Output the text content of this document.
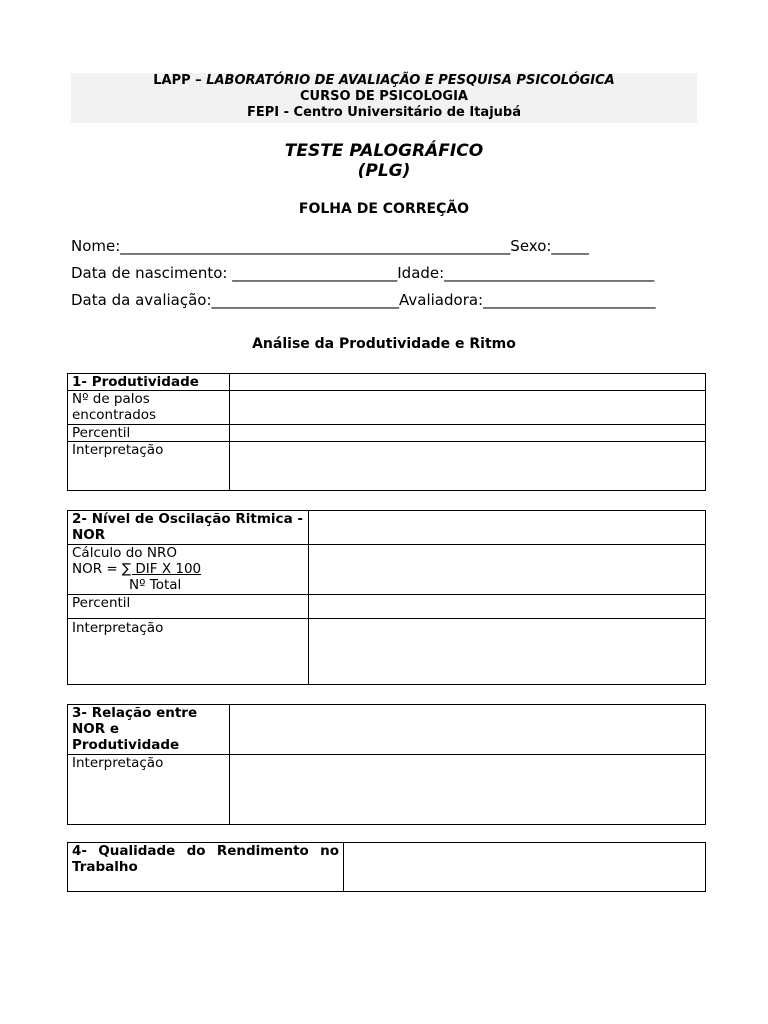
LAPP – LABORATÓRIO DE AVALIAÇÃO E PESQUISA PSICOLÓGICA
CURSO DE PSICOLOGIA
FEPI - Centro Universitário de Itajubá
TESTE PALOGRÁFICO
(PLG)
FOLHA DE CORREÇÃO
Nome:____________________________________________________Sexo:_____
Data de nascimento: ______________________Idade:____________________________
Data da avaliação:_________________________Avaliadora:_______________________
Análise da Produtividade e Ritmo
1- Produtividade	
Nº de palos encontrados	
Percentil	
Interpretação	
2- Nível de Oscilação Ritmica - NOR	

Cálculo do NRO
NOR = ∑ DIF X 100
Nº Total	

Percentil	
Interpretação	
3- Relação entre NOR e Produtividade	
Interpretação	
4- Qualidade do Rendimento no Trabalho
